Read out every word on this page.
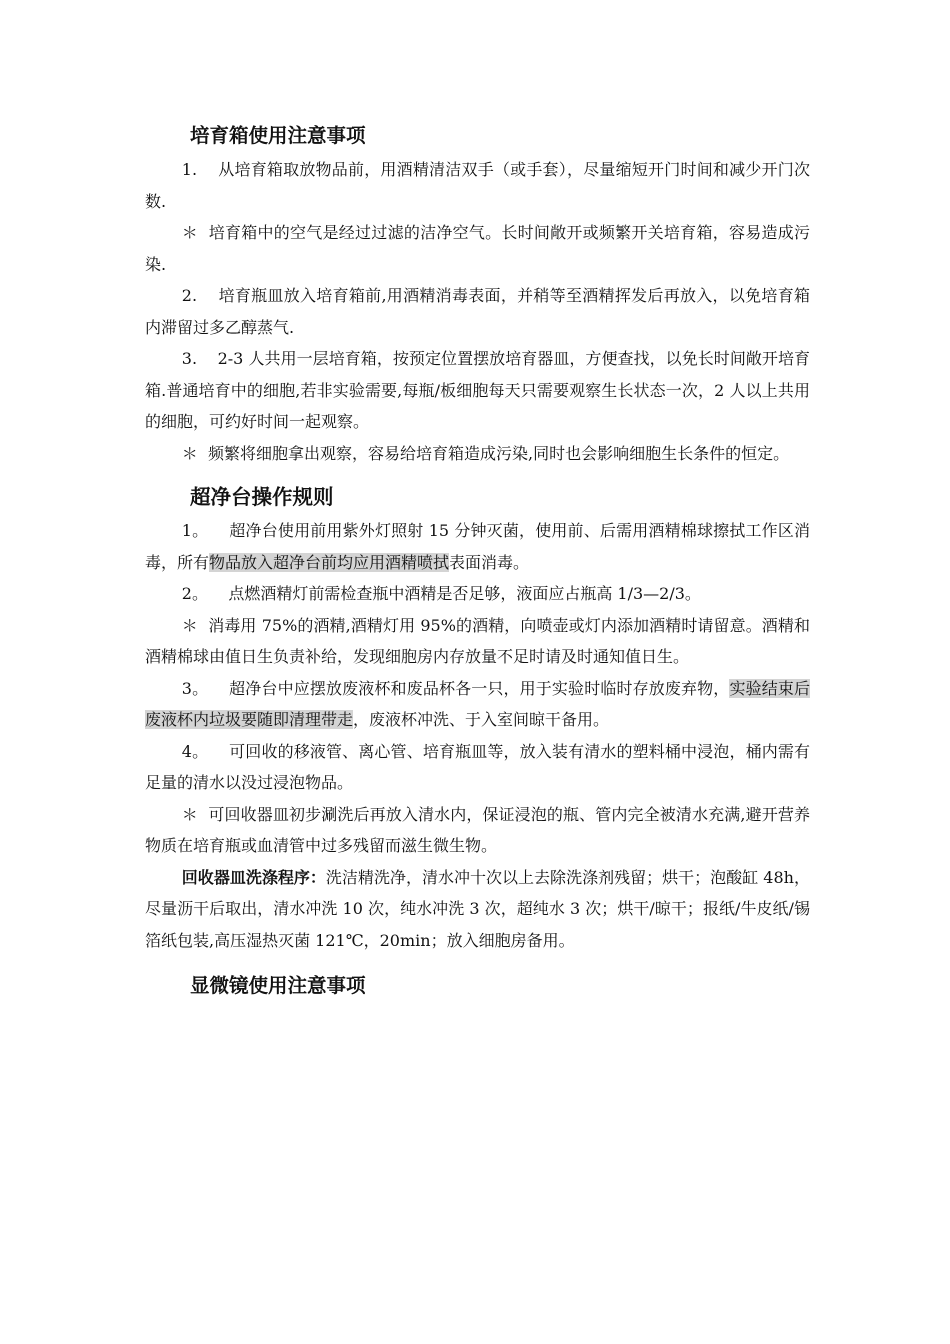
培育箱使用注意事项

1. 从培育箱取放物品前，用酒精清洁双手（或手套），尽量缩短开门时间和减少开门次数.

＊ 培育箱中的空气是经过过滤的洁净空气。长时间敞开或频繁开关培育箱，容易造成污染.

2. 培育瓶皿放入培育箱前,用酒精消毒表面，并稍等至酒精挥发后再放入，以免培育箱内滞留过多乙醇蒸气.

3. 2-3 人共用一层培育箱，按预定位置摆放培育器皿，方便查找，以免长时间敞开培育箱.普通培育中的细胞,若非实验需要,每瓶/板细胞每天只需要观察生长状态一次，2 人以上共用的细胞，可约好时间一起观察。

＊ 频繁将细胞拿出观察，容易给培育箱造成污染,同时也会影响细胞生长条件的恒定。

超净台操作规则

1。 超净台使用前用紫外灯照射 15 分钟灭菌，使用前、后需用酒精棉球擦拭工作区消毒，所有物品放入超净台前均应用酒精喷拭表面消毒。

2。 点燃酒精灯前需检查瓶中酒精是否足够，液面应占瓶高 1/3—2/3。

＊ 消毒用 75%的酒精,酒精灯用 95%的酒精，向喷壶或灯内添加酒精时请留意。酒精和酒精棉球由值日生负责补给，发现细胞房内存放量不足时请及时通知值日生。

3。 超净台中应摆放废液杯和废品杯各一只，用于实验时临时存放废弃物，实验结束后废液杯内垃圾要随即清理带走，废液杯冲洗、于入室间晾干备用。

4。 可回收的移液管、离心管、培育瓶皿等，放入装有清水的塑料桶中浸泡，桶内需有足量的清水以没过浸泡物品。

＊ 可回收器皿初步涮洗后再放入清水内，保证浸泡的瓶、管内完全被清水充满,避开营养物质在培育瓶或血清管中过多残留而滋生微生物。

回收器皿洗涤程序：洗洁精洗净，清水冲十次以上去除洗涤剂残留；烘干；泡酸缸 48h，尽量沥干后取出，清水冲洗 10 次，纯水冲洗 3 次，超纯水 3 次；烘干/晾干；报纸/牛皮纸/锡箔纸包装,高压湿热灭菌 121℃，20min；放入细胞房备用。

显微镜使用注意事项
